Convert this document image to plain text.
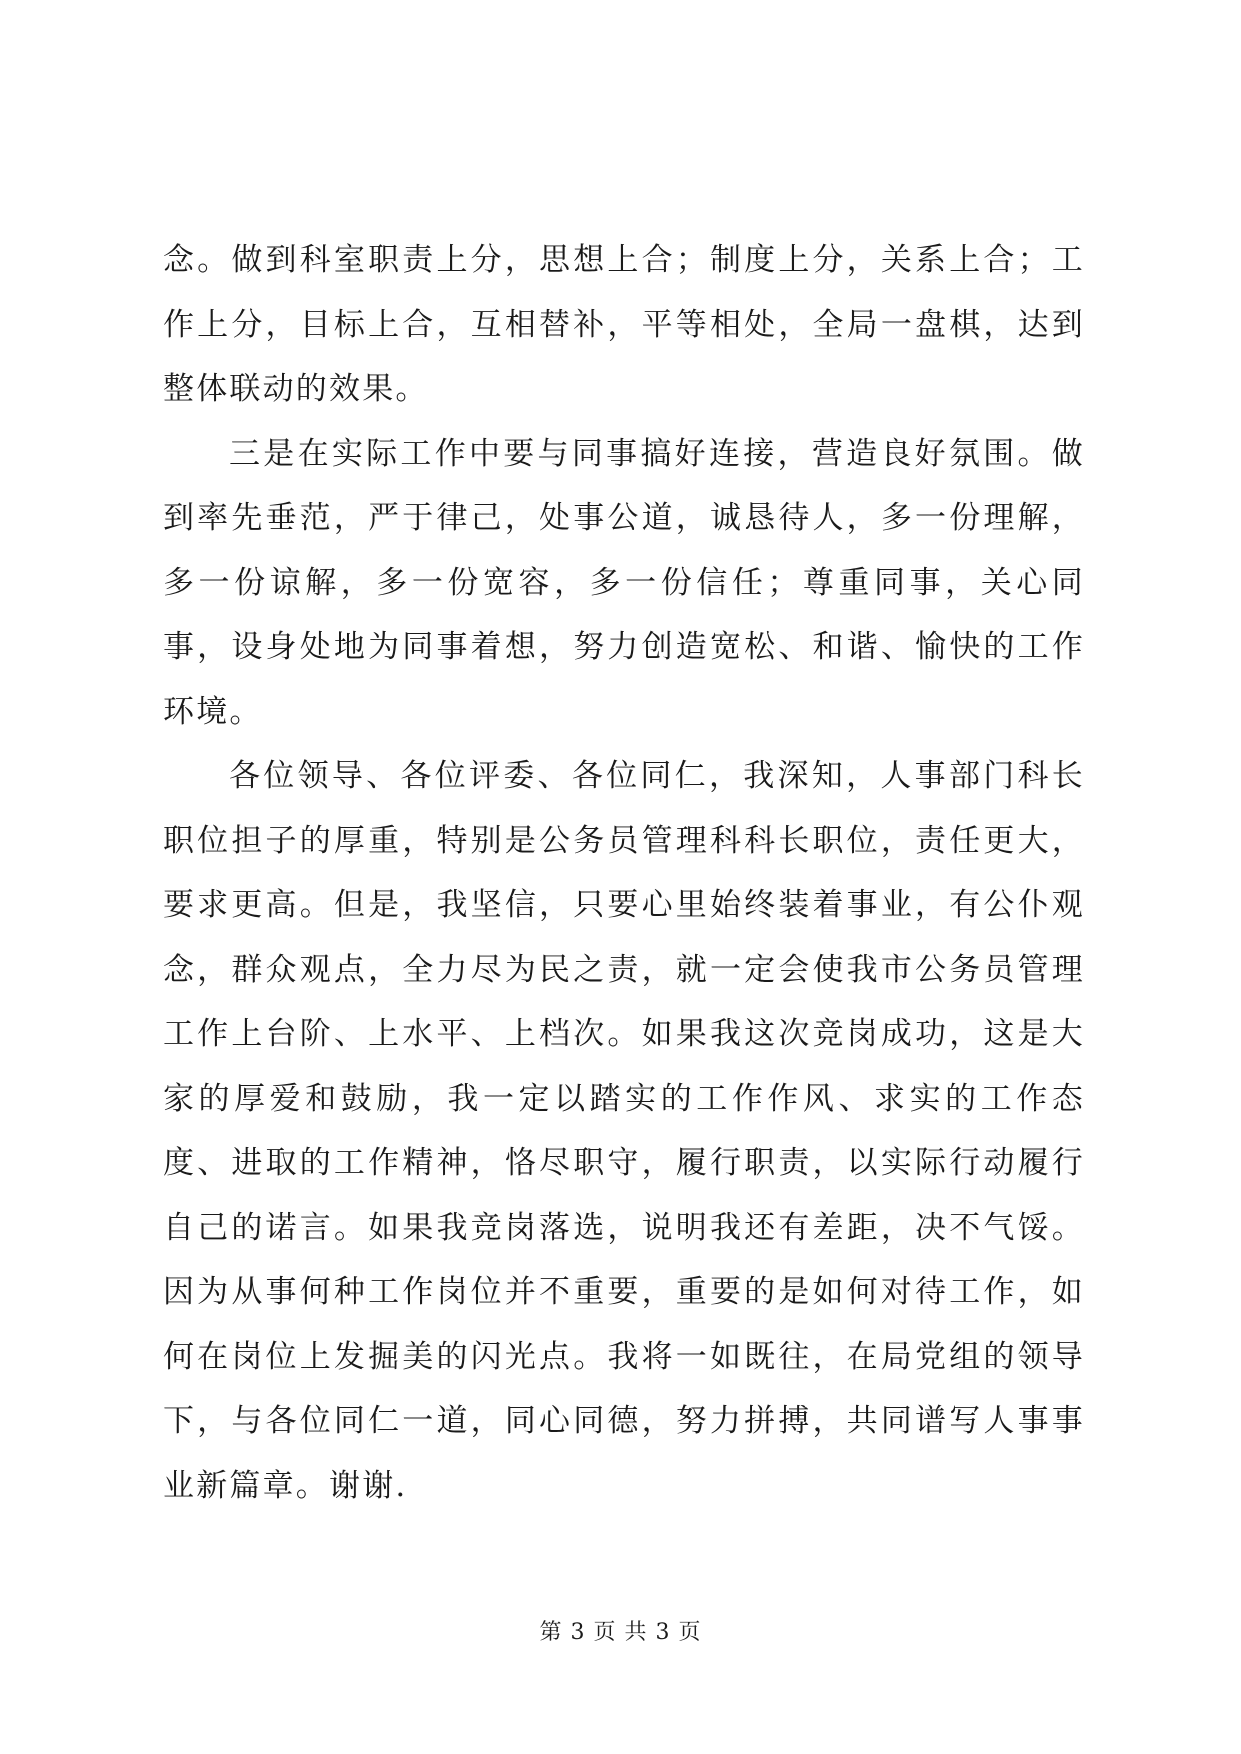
念。做到科室职责上分，思想上合；制度上分，关系上合；工作上分，目标上合，互相替补，平等相处，全局一盘棋，达到整体联动的效果。

三是在实际工作中要与同事搞好连接，营造良好氛围。做到率先垂范，严于律己，处事公道，诚恳待人，多一份理解，多一份谅解，多一份宽容，多一份信任；尊重同事，关心同事，设身处地为同事着想，努力创造宽松、和谐、愉快的工作环境。

各位领导、各位评委、各位同仁，我深知，人事部门科长职位担子的厚重，特别是公务员管理科科长职位，责任更大，要求更高。但是，我坚信，只要心里始终装着事业，有公仆观念，群众观点，全力尽为民之责，就一定会使我市公务员管理工作上台阶、上水平、上档次。如果我这次竞岗成功，这是大家的厚爱和鼓励，我一定以踏实的工作作风、求实的工作态度、进取的工作精神，恪尽职守，履行职责，以实际行动履行自己的诺言。如果我竞岗落选，说明我还有差距，决不气馁。因为从事何种工作岗位并不重要，重要的是如何对待工作，如何在岗位上发掘美的闪光点。我将一如既往，在局党组的领导下，与各位同仁一道，同心同德，努力拼搏，共同谱写人事事业新篇章。谢谢.

第 3 页 共 3 页
